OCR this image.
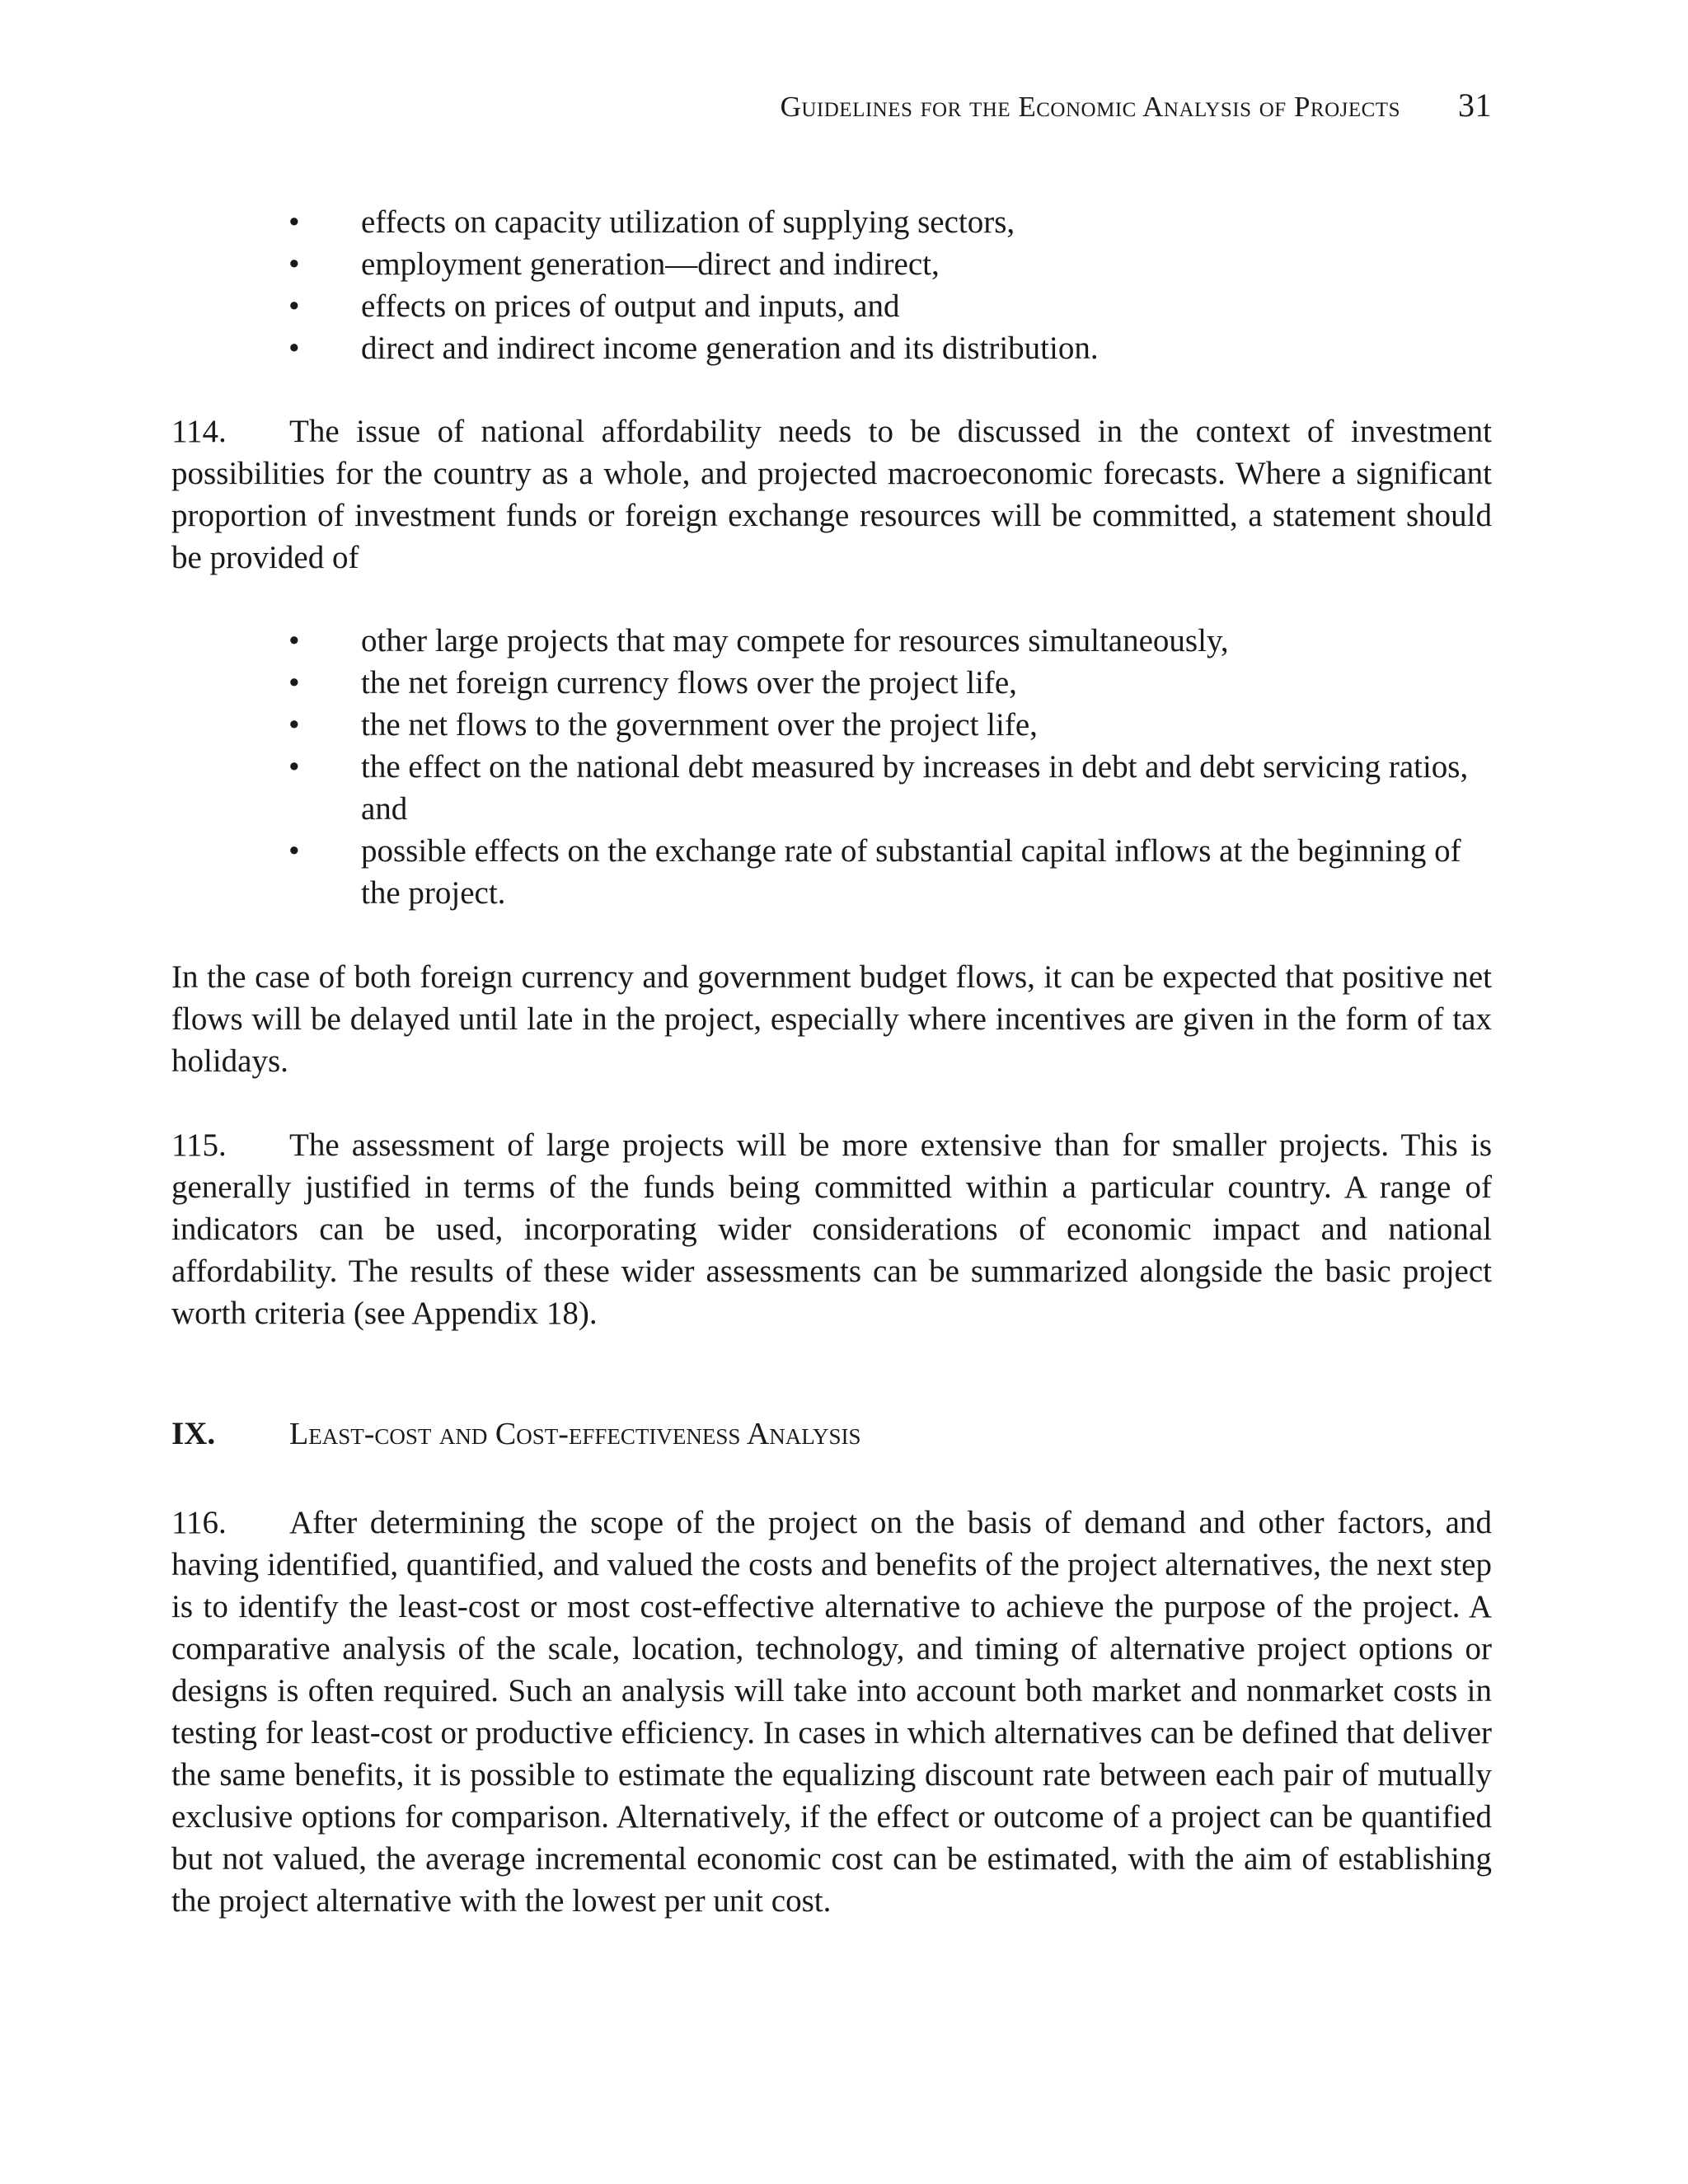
Guidelines for the Economic Analysis of Projects 31
• effects on capacity utilization of supplying sectors,
• employment generation—direct and indirect,
• effects on prices of output and inputs, and
• direct and indirect income generation and its distribution.

114. The issue of national affordability needs to be discussed in the context of investment possibilities for the country as a whole, and projected macroeconomic forecasts. Where a significant proportion of investment funds or foreign exchange resources will be committed, a statement should be provided of

• other large projects that may compete for resources simultaneously,
• the net foreign currency flows over the project life,
• the net flows to the government over the project life,
• the effect on the national debt measured by increases in debt and debt servicing ratios, and
• possible effects on the exchange rate of substantial capital inflows at the beginning of the project.

In the case of both foreign currency and government budget flows, it can be expected that positive net flows will be delayed until late in the project, especially where incentives are given in the form of tax holidays.

115. The assessment of large projects will be more extensive than for smaller projects. This is generally justified in terms of the funds being committed within a particular country. A range of indicators can be used, incorporating wider considerations of economic impact and national affordability. The results of these wider assessments can be summarized alongside the basic project worth criteria (see Appendix 18).

IX.	Least-cost and Cost-effectiveness Analysis

116. After determining the scope of the project on the basis of demand and other factors, and having identified, quantified, and valued the costs and benefits of the project alternatives, the next step is to identify the least-cost or most cost-effective alternative to achieve the purpose of the project. A comparative analysis of the scale, location, technology, and timing of alternative project options or designs is often required. Such an analysis will take into account both market and nonmarket costs in testing for least-cost or productive efficiency. In cases in which alternatives can be defined that deliver the same benefits, it is possible to estimate the equalizing discount rate between each pair of mutually exclusive options for comparison. Alternatively, if the effect or outcome of a project can be quantified but not valued, the average incremental economic cost can be estimated, with the aim of establishing the project alternative with the lowest per unit cost.
